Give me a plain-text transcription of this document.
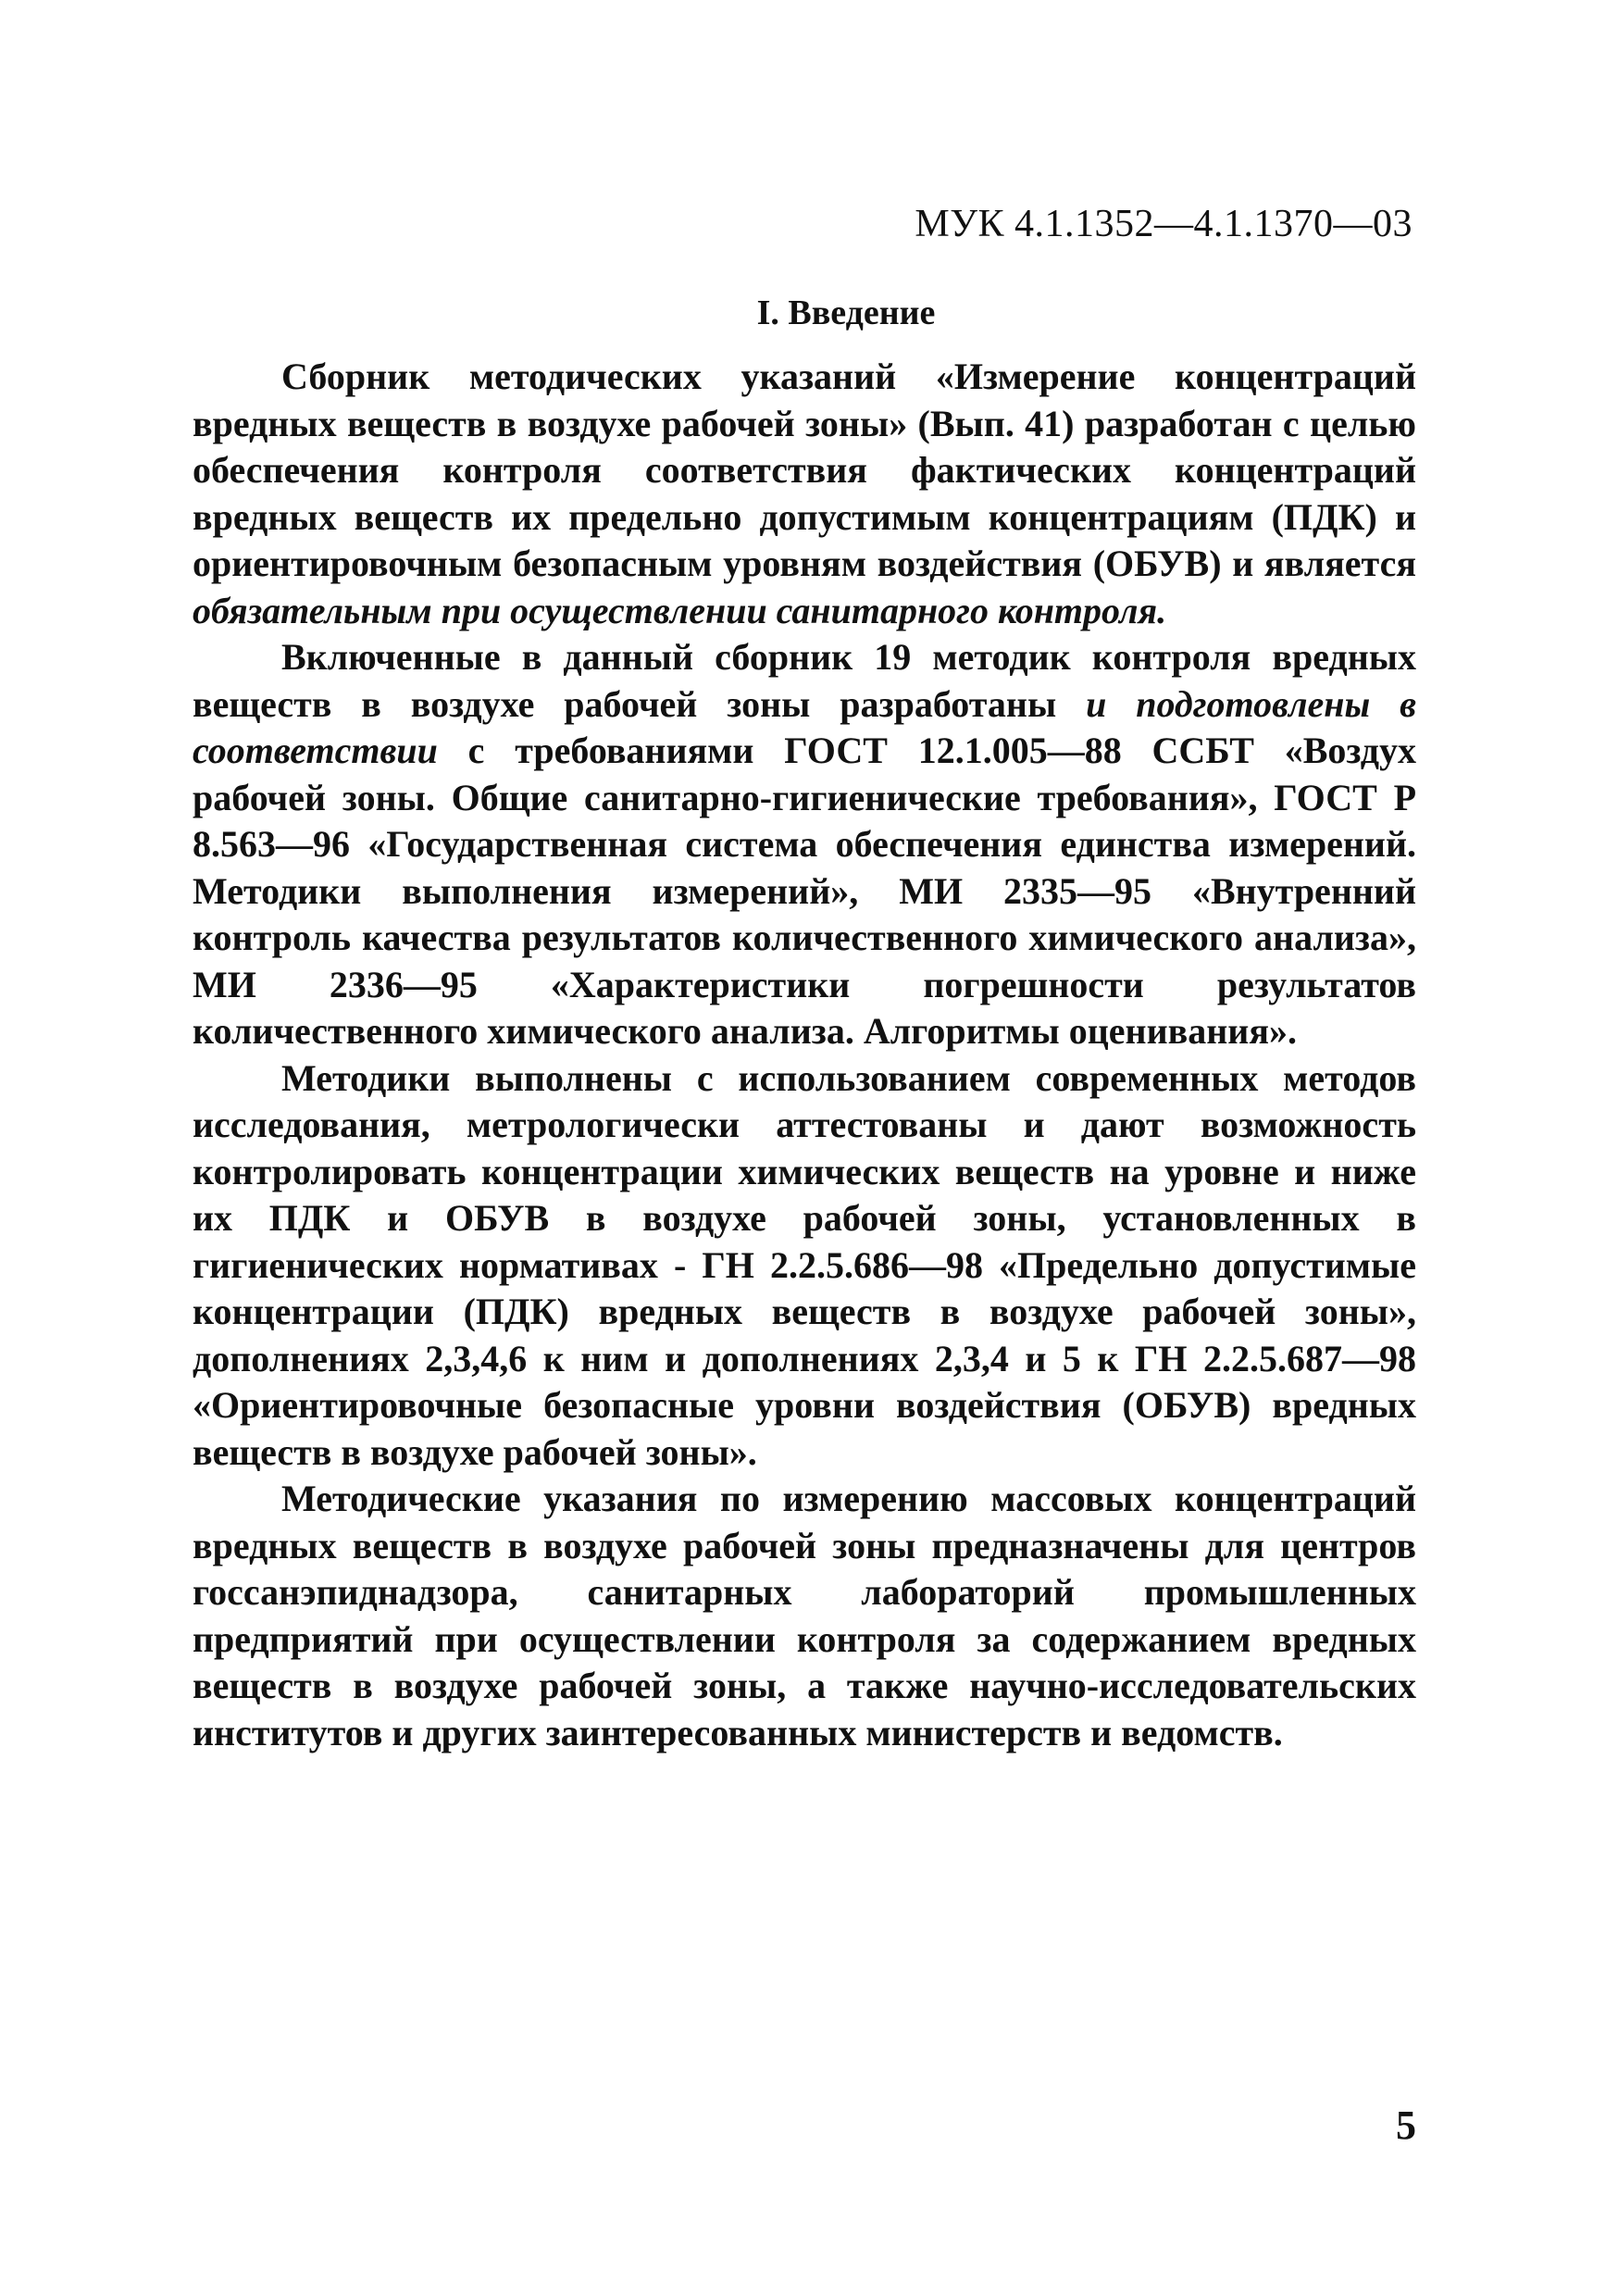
МУК 4.1.1352—4.1.1370—03
I. Введение

Сборник методических указаний «Измерение концентраций вредных веществ в воздухе рабочей зоны» (Вып. 41) разработан с целью обеспечения контроля соответствия фактических концентраций вредных веществ их предельно допустимым концентрациям (ПДК) и ориентировочным безопасным уровням воздействия (ОБУВ) и является обязательным при осуществлении санитарного контроля.

Включенные в данный сборник 19 методик контроля вредных веществ в воздухе рабочей зоны разработаны и подготовлены в соответствии с требованиями ГОСТ 12.1.005—88 ССБТ «Воздух рабочей зоны. Общие санитарно-гигиенические требования», ГОСТ Р 8.563—96 «Государственная система обеспечения единства измерений. Методики выполнения измерений», МИ 2335—95 «Внутренний контроль качества результатов количественного химического анализа», МИ 2336—95 «Характеристики погрешности результатов количественного химического анализа. Алгоритмы оценивания».

Методики выполнены с использованием современных методов исследования, метрологически аттестованы и дают возможность контролировать концентрации химических веществ на уровне и ниже их ПДК и ОБУВ в воздухе рабочей зоны, установленных в гигиенических нормативах - ГН 2.2.5.686—98 «Предельно допустимые концентрации (ПДК) вредных веществ в воздухе рабочей зоны», дополнениях 2,3,4,6 к ним и дополнениях 2,3,4 и 5 к ГН 2.2.5.687—98 «Ориентировочные безопасные уровни воздействия (ОБУВ) вредных веществ в воздухе рабочей зоны».

Методические указания по измерению массовых концентраций вредных веществ в воздухе рабочей зоны предназначены для центров госсанэпиднадзора, санитарных лабораторий промышленных предприятий при осуществлении контроля за содержанием вредных веществ в воздухе рабочей зоны, а также научно-исследовательских институтов и других заинтересованных министерств и ведомств.

5
